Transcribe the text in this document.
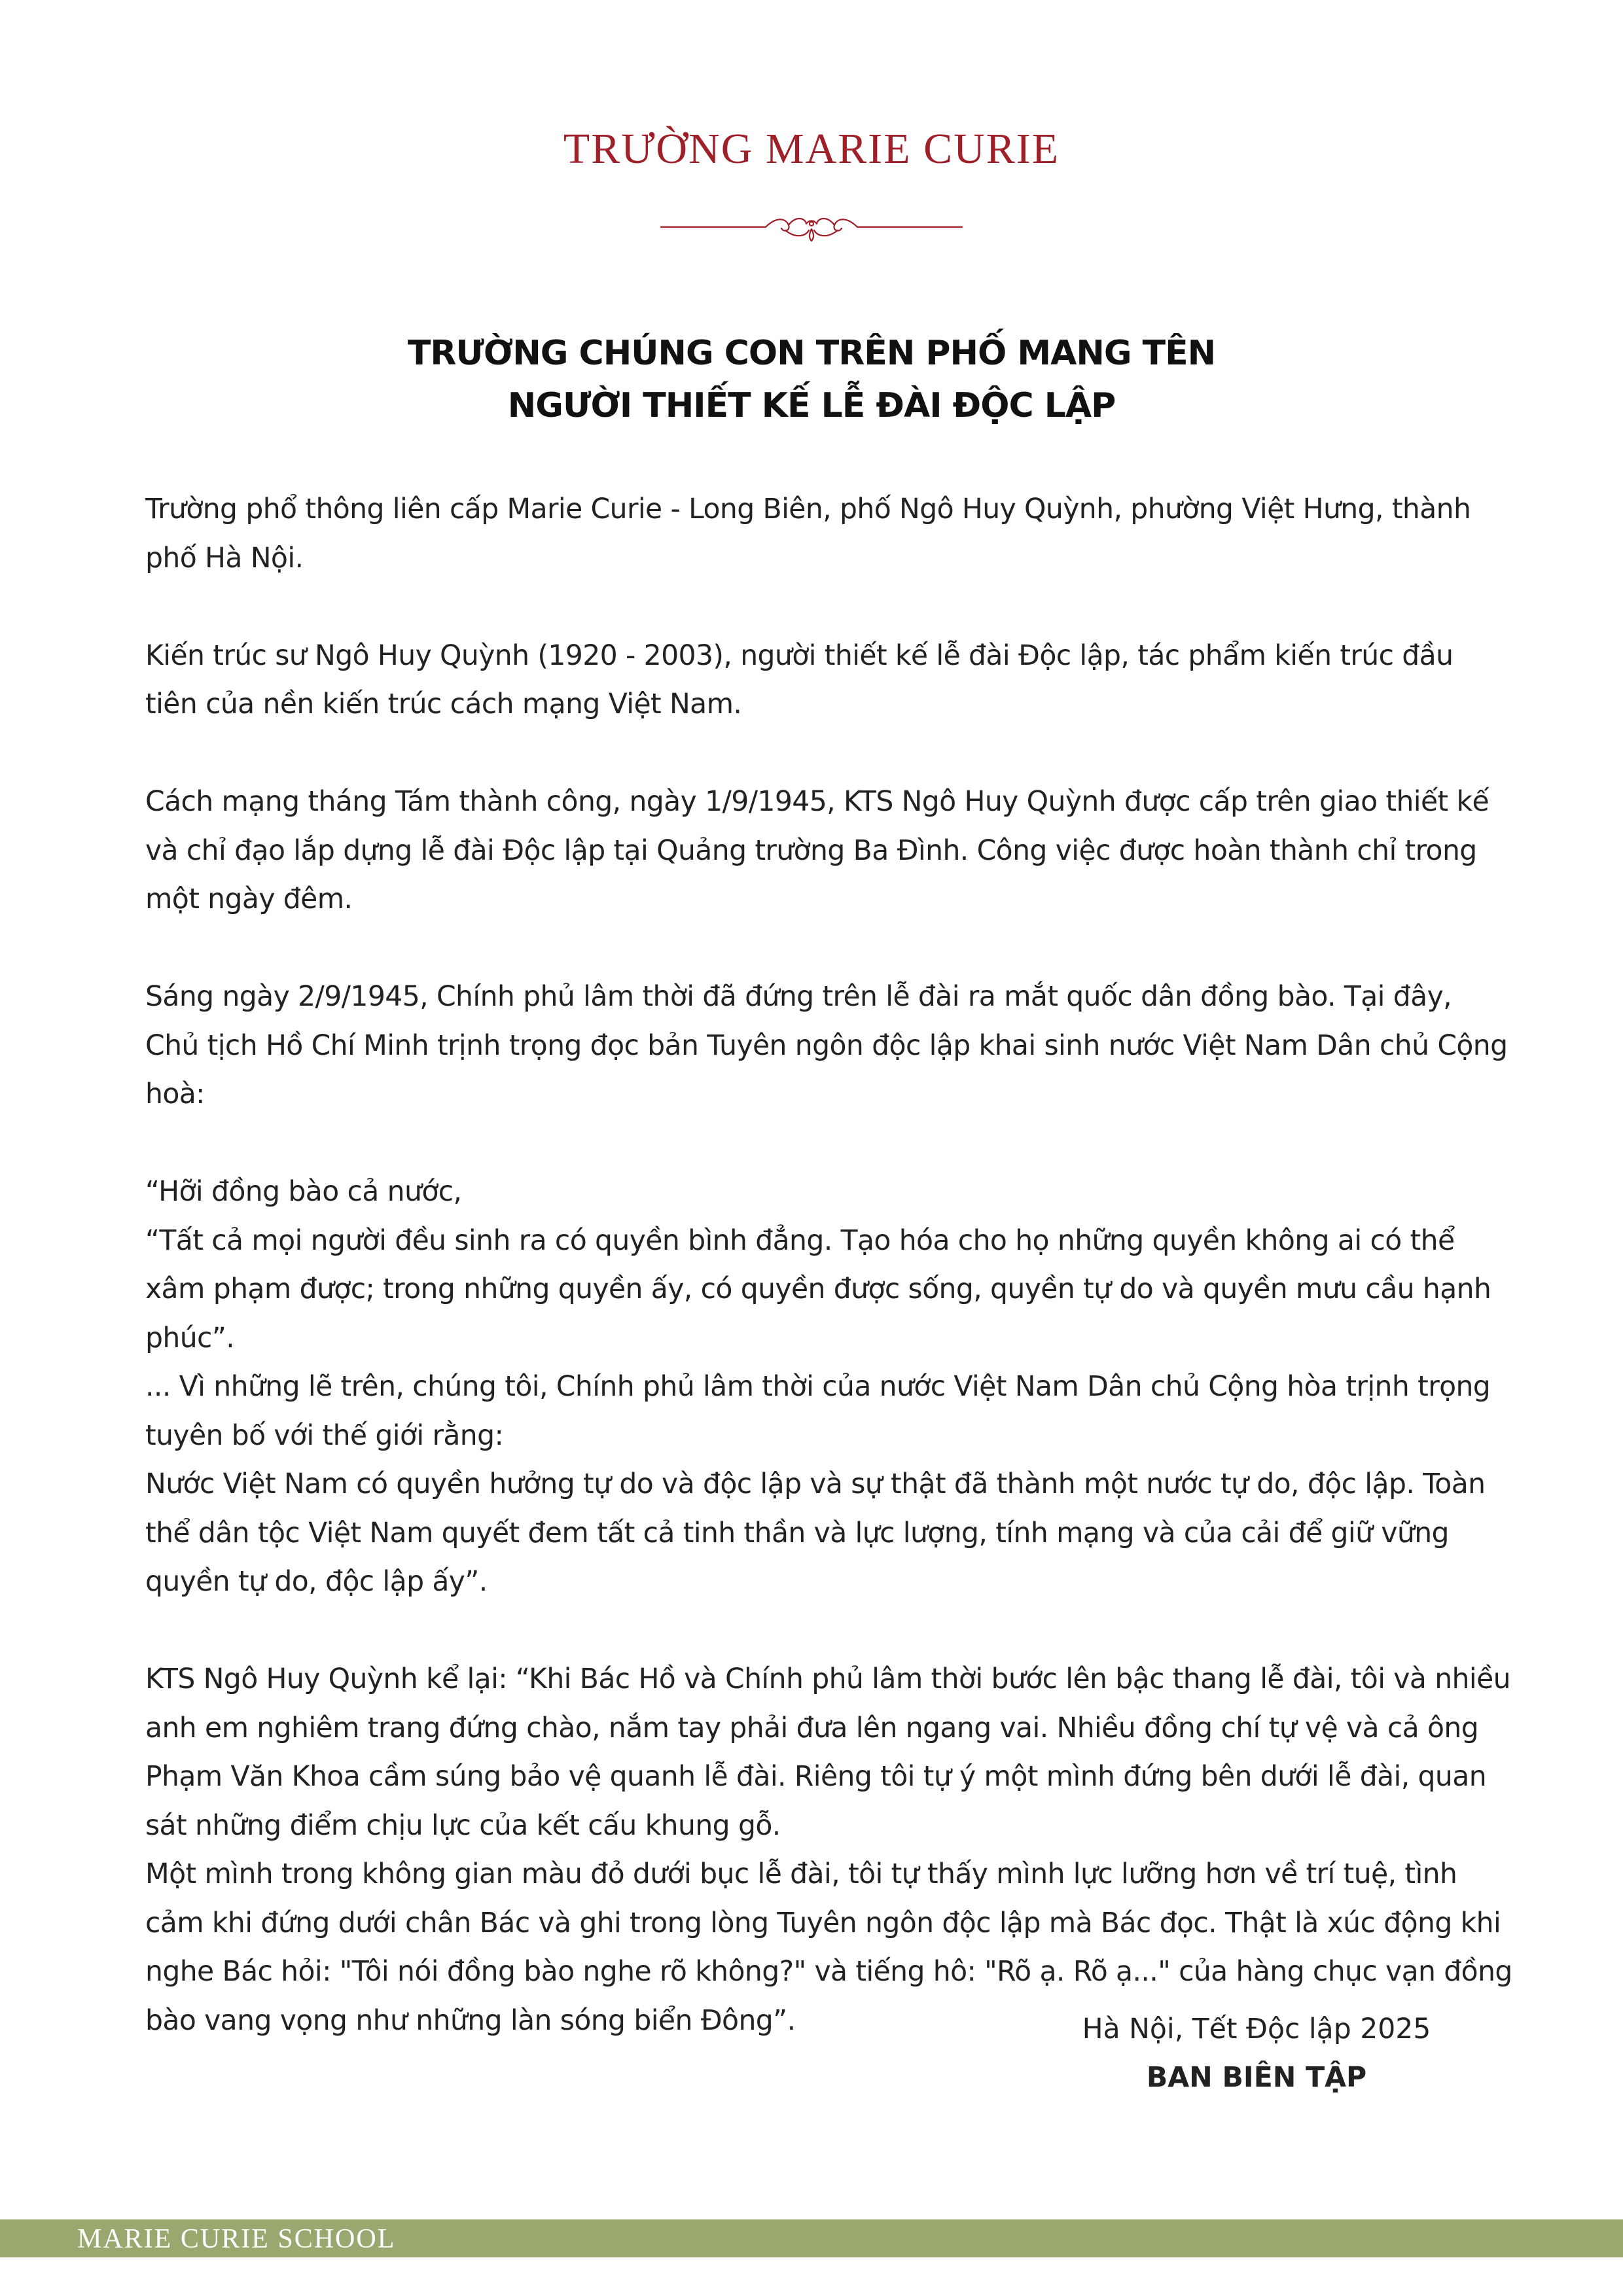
TRƯỜNG MARIE CURIE
TRƯỜNG CHÚNG CON TRÊN PHỐ MANG TÊN
NGƯỜI THIẾT KẾ LỄ ĐÀI ĐỘC LẬP

Trường phổ thông liên cấp Marie Curie - Long Biên, phố Ngô Huy Quỳnh, phường Việt Hưng, thành phố Hà Nội.

Kiến trúc sư Ngô Huy Quỳnh (1920 - 2003), người thiết kế lễ đài Độc lập, tác phẩm kiến trúc đầu tiên của nền kiến trúc cách mạng Việt Nam.

Cách mạng tháng Tám thành công, ngày 1/9/1945, KTS Ngô Huy Quỳnh được cấp trên giao thiết kế và chỉ đạo lắp dựng lễ đài Độc lập tại Quảng trường Ba Đình. Công việc được hoàn thành chỉ trong một ngày đêm.

Sáng ngày 2/9/1945, Chính phủ lâm thời đã đứng trên lễ đài ra mắt quốc dân đồng bào. Tại đây, Chủ tịch Hồ Chí Minh trịnh trọng đọc bản Tuyên ngôn độc lập khai sinh nước Việt Nam Dân chủ Cộng hoà:

“Hỡi đồng bào cả nước,

“Tất cả mọi người đều sinh ra có quyền bình đẳng. Tạo hóa cho họ những quyền không ai có thể xâm phạm được; trong những quyền ấy, có quyền được sống, quyền tự do và quyền mưu cầu hạnh phúc”.

... Vì những lẽ trên, chúng tôi, Chính phủ lâm thời của nước Việt Nam Dân chủ Cộng hòa trịnh trọng tuyên bố với thế giới rằng:

Nước Việt Nam có quyền hưởng tự do và độc lập và sự thật đã thành một nước tự do, độc lập. Toàn thể dân tộc Việt Nam quyết đem tất cả tinh thần và lực lượng, tính mạng và của cải để giữ vững quyền tự do, độc lập ấy”.

KTS Ngô Huy Quỳnh kể lại: “Khi Bác Hồ và Chính phủ lâm thời bước lên bậc thang lễ đài, tôi và nhiều anh em nghiêm trang đứng chào, nắm tay phải đưa lên ngang vai. Nhiều đồng chí tự vệ và cả ông Phạm Văn Khoa cầm súng bảo vệ quanh lễ đài. Riêng tôi tự ý một mình đứng bên dưới lễ đài, quan sát những điểm chịu lực của kết cấu khung gỗ.

Một mình trong không gian màu đỏ dưới bục lễ đài, tôi tự thấy mình lực lưỡng hơn về trí tuệ, tình cảm khi đứng dưới chân Bác và ghi trong lòng Tuyên ngôn độc lập mà Bác đọc. Thật là xúc động khi nghe Bác hỏi: "Tôi nói đồng bào nghe rõ không?" và tiếng hô: "Rõ ạ. Rõ ạ..." của hàng chục vạn đồng bào vang vọng như những làn sóng biển Đông”.	Hà Nội, Tết Độc lập 2025
BAN BIÊN TẬP
MARIE CURIE SCHOOL
